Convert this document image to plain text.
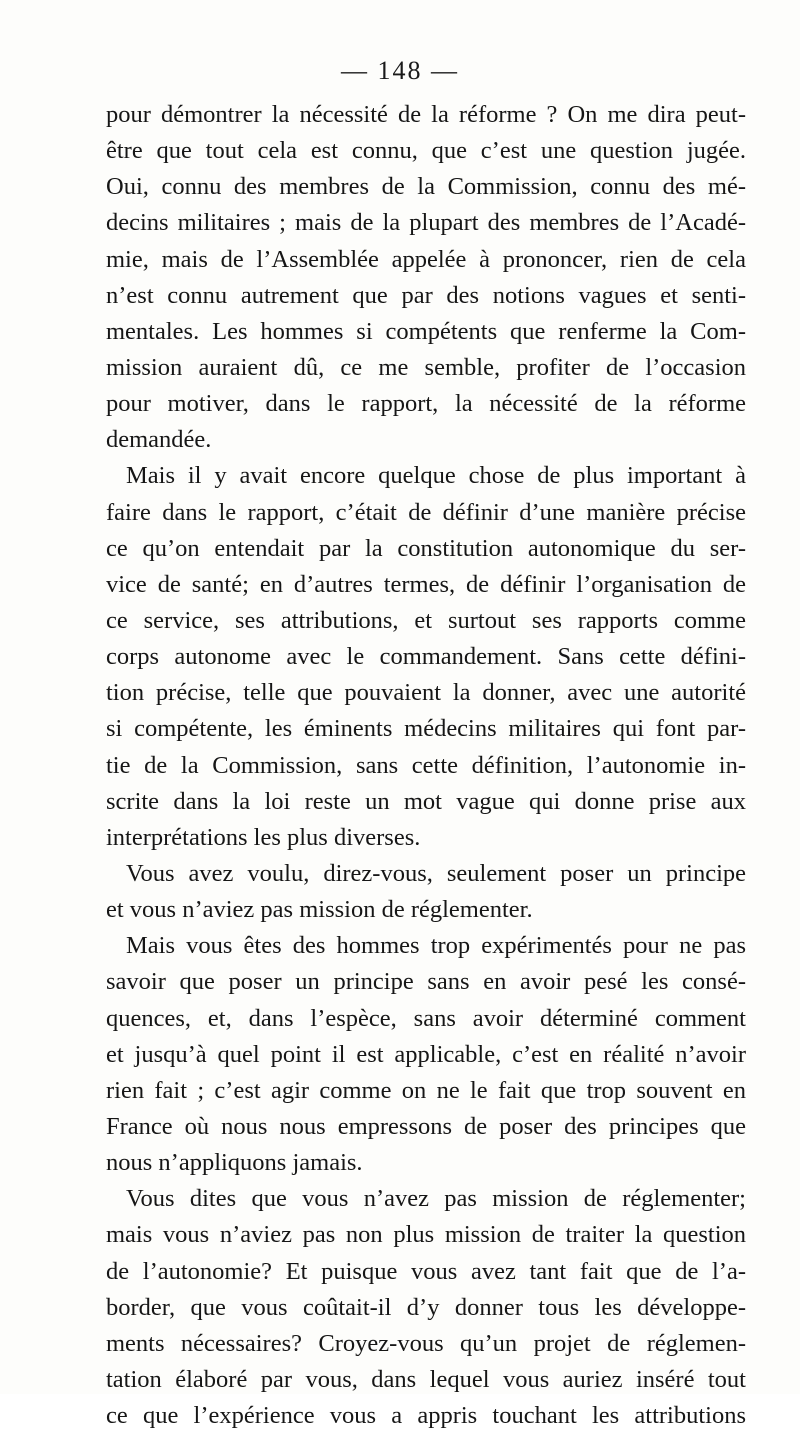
— 148 —
pour démontrer la nécessité de la réforme ? On me dira peut-
être que tout cela est connu, que c’est une question jugée.
Oui, connu des membres de la Commission, connu des mé-
decins militaires ; mais de la plupart des membres de l’Acadé-
mie, mais de l’Assemblée appelée à prononcer, rien de cela
n’est connu autrement que par des notions vagues et senti-
mentales. Les hommes si compétents que renferme la Com-
mission auraient dû, ce me semble, profiter de l’occasion
pour motiver, dans le rapport, la nécessité de la réforme
demandée.
Mais il y avait encore quelque chose de plus important à
faire dans le rapport, c’était de définir d’une manière précise
ce qu’on entendait par la constitution autonomique du ser-
vice de santé; en d’autres termes, de définir l’organisation de
ce service, ses attributions, et surtout ses rapports comme
corps autonome avec le commandement. Sans cette défini-
tion précise, telle que pouvaient la donner, avec une autorité
si compétente, les éminents médecins militaires qui font par-
tie de la Commission, sans cette définition, l’autonomie in-
scrite dans la loi reste un mot vague qui donne prise aux
interprétations les plus diverses.
Vous avez voulu, direz-vous, seulement poser un principe
et vous n’aviez pas mission de réglementer.
Mais vous êtes des hommes trop expérimentés pour ne pas
savoir que poser un principe sans en avoir pesé les consé-
quences, et, dans l’espèce, sans avoir déterminé comment
et jusqu’à quel point il est applicable, c’est en réalité n’avoir
rien fait ; c’est agir comme on ne le fait que trop souvent en
France où nous nous empressons de poser des principes que
nous n’appliquons jamais.
Vous dites que vous n’avez pas mission de réglementer;
mais vous n’aviez pas non plus mission de traiter la question
de l’autonomie? Et puisque vous avez tant fait que de l’a-
border, que vous coûtait-il d’y donner tous les développe-
ments nécessaires? Croyez-vous qu’un projet de réglemen-
tation élaboré par vous, dans lequel vous auriez inséré tout
ce que l’expérience vous a appris touchant les attributions
